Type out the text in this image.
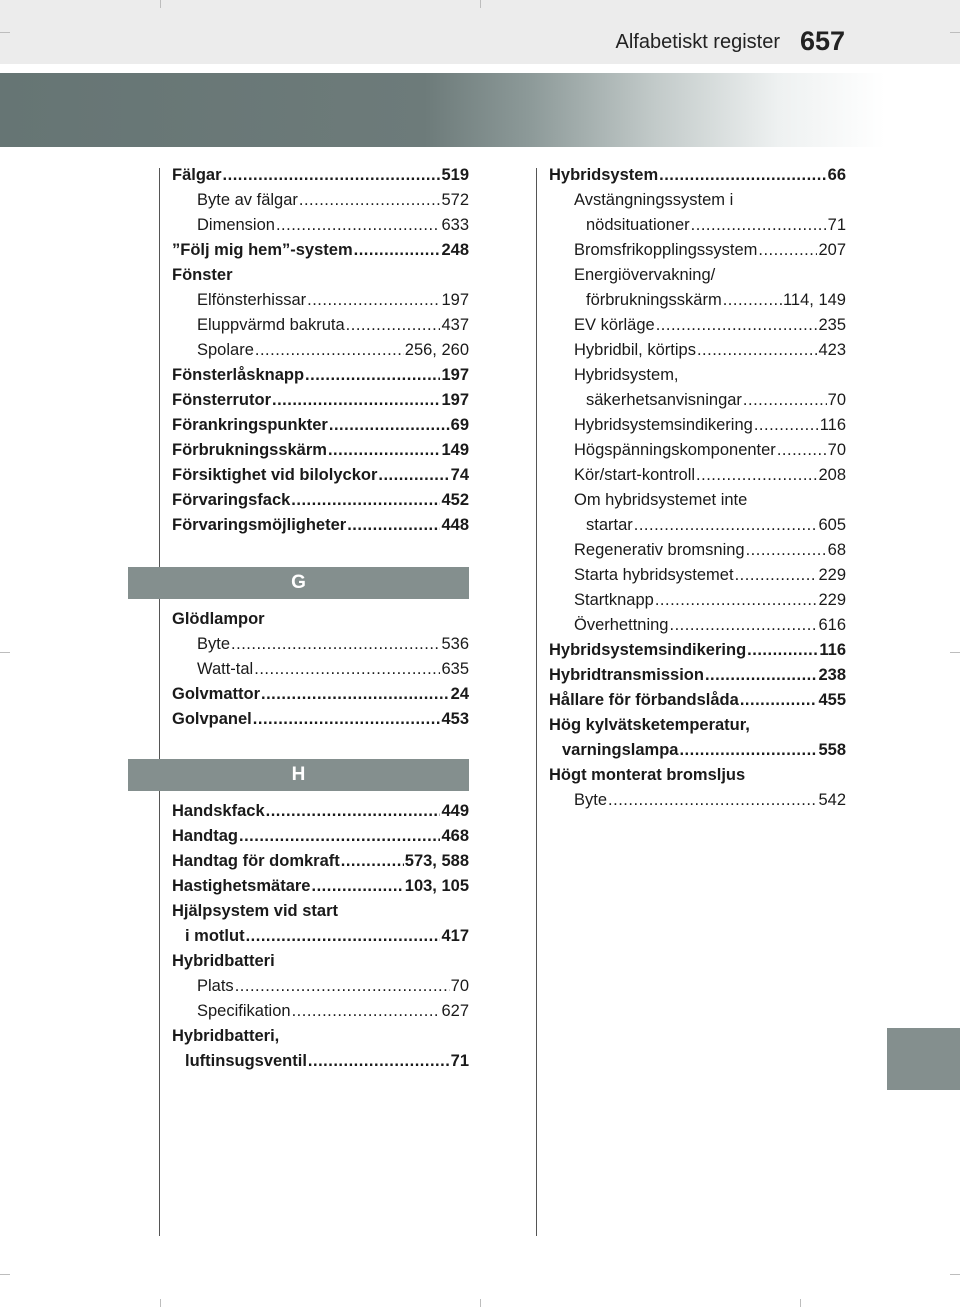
Alfabetiskt register 657
Fälgar .....	519
Byte av fälgar .....	572
Dimension .....	633
”Följ mig hem”-system .....	248
Fönster
Elfönsterhissar .....	197
Eluppvärmd bakruta .....	437
Spolare .....	256, 260
Fönsterlåsknapp .....	197
Fönsterrutor .....	197
Förankringspunkter .....	69
Förbrukningsskärm .....	149
Försiktighet vid bilolyckor .....	74
Förvaringsfack .....	452
Förvaringsmöjligheter .....	448
G
Glödlampor
Byte .....	536
Watt-tal .....	635
Golvmattor .....	24
Golvpanel .....	453
H
Handskfack .....	449
Handtag .....	468
Handtag för domkraft .....	573, 588
Hastighetsmätare .....	103, 105
Hjälpsystem vid start
i motlut .....	417
Hybridbatteri
Plats .....	70
Specifikation .....	627
Hybridbatteri,
luftinsugsventil .....	71
Hybridsystem .....	66
Avstängningssystem i
nödsituationer .....	71
Bromsfrikopplingssystem .....	207
Energiövervakning/
förbrukningsskärm .....	114, 149
EV körläge .....	235
Hybridbil, körtips .....	423
Hybridsystem,
säkerhetsanvisningar .....	70
Hybridsystemsindikering .....	116
Högspänningskomponenter .....	70
Kör/start-kontroll .....	208
Om hybridsystemet inte
startar .....	605
Regenerativ bromsning .....	68
Starta hybridsystemet .....	229
Startknapp .....	229
Överhettning .....	616
Hybridsystemsindikering .....	116
Hybridtransmission .....	238
Hållare för förbandslåda .....	455
Hög kylvätsketemperatur,
varningslampa .....	558
Högt monterat bromsljus
Byte .....	542
